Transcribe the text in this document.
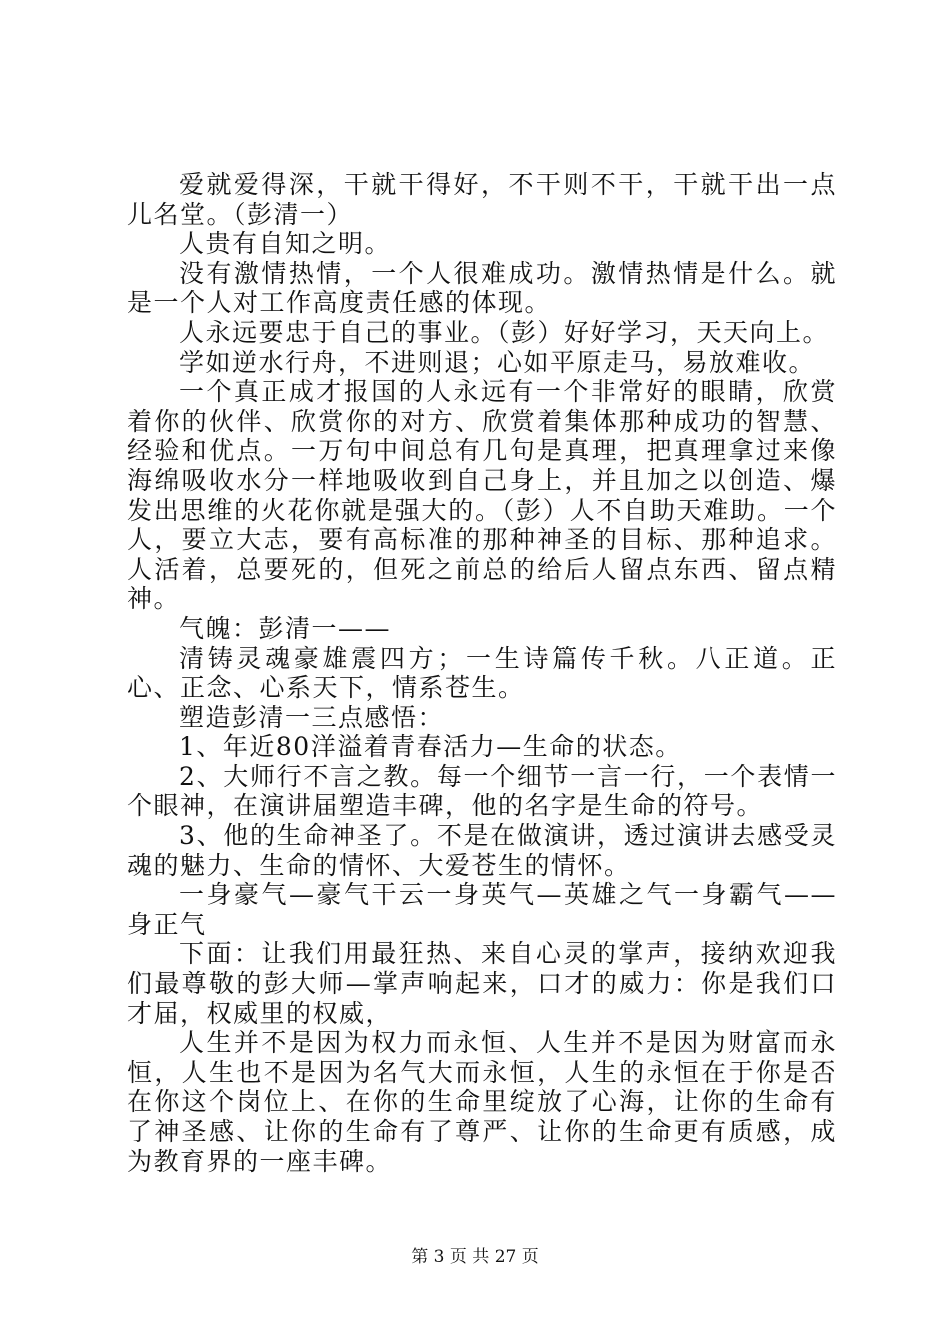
爱就爱得深，干就干得好，不干则不干，干就干出一点儿名堂。（彭清一）

人贵有自知之明。

没有激情热情，一个人很难成功。激情热情是什么。就是一个人对工作高度责任感的体现。

人永远要忠于自己的事业。（彭）好好学习，天天向上。

学如逆水行舟，不进则退；心如平原走马，易放难收。

一个真正成才报国的人永远有一个非常好的眼睛，欣赏着你的伙伴、欣赏你的对方、欣赏着集体那种成功的智慧、经验和优点。一万句中间总有几句是真理，把真理拿过来像海绵吸收水分一样地吸收到自己身上，并且加之以创造、爆发出思维的火花你就是强大的。（彭）人不自助天难助。一个人，要立大志，要有高标准的那种神圣的目标、那种追求。人活着，总要死的，但死之前总的给后人留点东西、留点精神。

气魄：彭清一——

清铸灵魂豪雄震四方；一生诗篇传千秋。八正道。正心、正念、心系天下，情系苍生。

塑造彭清一三点感悟：

1、年近80洋溢着青春活力—生命的状态。

2、大师行不言之教。每一个细节一言一行，一个表情一个眼神，在演讲届塑造丰碑，他的名字是生命的符号。

3、他的生命神圣了。不是在做演讲，透过演讲去感受灵魂的魅力、生命的情怀、大爱苍生的情怀。

一身豪气—豪气干云一身英气—英雄之气一身霸气——身正气

下面：让我们用最狂热、来自心灵的掌声，接纳欢迎我们最尊敬的彭大师—掌声响起来，口才的威力：你是我们口才届，权威里的权威，

人生并不是因为权力而永恒、人生并不是因为财富而永恒，人生也不是因为名气大而永恒，人生的永恒在于你是否在你这个岗位上、在你的生命里绽放了心海，让你的生命有了神圣感、让你的生命有了尊严、让你的生命更有质感，成为教育界的一座丰碑。

第 3 页 共 27 页
